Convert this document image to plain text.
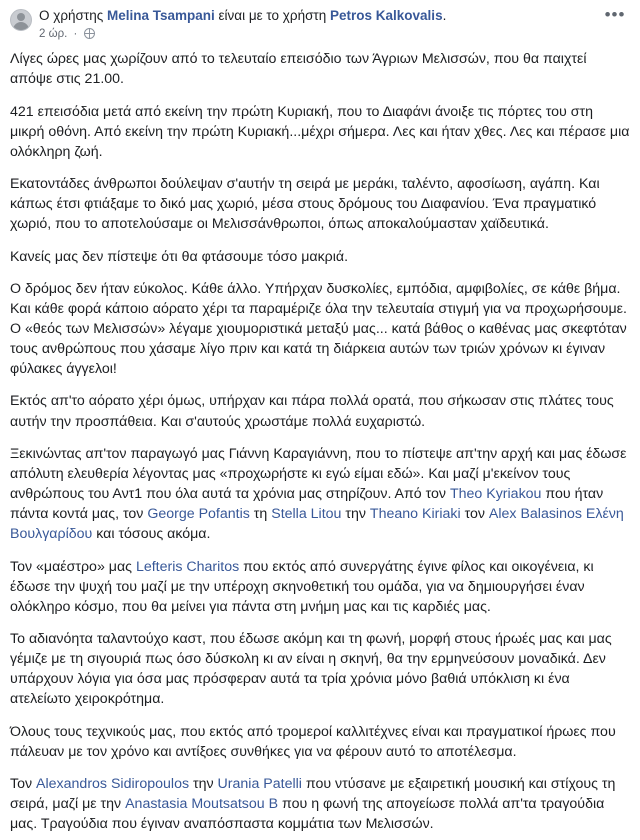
Ο χρήστης Melina Tsampani είναι με το χρήστη Petros Kalkovalis.
2 ώρ. ·
•••

Λίγες ώρες μας χωρίζουν από το τελευταίο επεισόδιο των Άγριων Μελισσών, που θα παιχτεί απόψε στις 21.00.

421 επεισόδια μετά από εκείνη την πρώτη Κυριακή, που το Διαφάνι άνοιξε τις πόρτες του στη μικρή οθόνη. Από εκείνη την πρώτη Κυριακή...μέχρι σήμερα. Λες και ήταν χθες. Λες και πέρασε μια ολόκληρη ζωή.

Εκατοντάδες άνθρωποι δούλεψαν σ'αυτήν τη σειρά με μεράκι, ταλέντο, αφοσίωση, αγάπη. Και κάπως έτσι φτιάξαμε το δικό μας χωριό, μέσα στους δρόμους του Διαφανίου. Ένα πραγματικό χωριό, που το αποτελούσαμε οι Μελισσάνθρωποι, όπως αποκαλούμασταν χαϊδευτικά.

Κανείς μας δεν πίστεψε ότι θα φτάσουμε τόσο μακριά.

Ο δρόμος δεν ήταν εύκολος. Κάθε άλλο. Υπήρχαν δυσκολίες, εμπόδια, αμφιβολίες, σε κάθε βήμα. Και κάθε φορά κάποιο αόρατο χέρι τα παραμέριζε όλα την τελευταία στιγμή για να προχωρήσουμε. Ο «θεός των Μελισσών» λέγαμε χιουμοριστικά μεταξύ μας... κατά βάθος ο καθένας μας σκεφτόταν τους ανθρώπους που χάσαμε λίγο πριν και κατά τη διάρκεια αυτών των τριών χρόνων κι έγιναν φύλακες άγγελοι!

Εκτός απ'το αόρατο χέρι όμως, υπήρχαν και πάρα πολλά ορατά, που σήκωσαν στις πλάτες τους αυτήν την προσπάθεια. Και σ'αυτούς χρωστάμε πολλά ευχαριστώ.

Ξεκινώντας απ'τον παραγωγό μας Γιάννη Καραγιάννη, που το πίστεψε απ'την αρχή και μας έδωσε απόλυτη ελευθερία λέγοντας μας «προχωρήστε κι εγώ είμαι εδώ». Και μαζί μ'εκείνον τους ανθρώπους του Αντ1 που όλα αυτά τα χρόνια μας στηρίζουν. Από τον Theo Kyriakou που ήταν πάντα κοντά μας, τον George Pofantis τη Stella Litou την Theano Kiriaki τον Alex Balasinos Ελένη Βουλγαρίδου και τόσους ακόμα.

Τον «μαέστρο» μας Lefteris Charitos που εκτός από συνεργάτης έγινε φίλος και οικογένεια, κι έδωσε την ψυχή του μαζί με την υπέροχη σκηνοθετική του ομάδα, για να δημιουργήσει έναν ολόκληρο κόσμο, που θα μείνει για πάντα στη μνήμη μας και τις καρδιές μας.

Το αδιανόητα ταλαντούχο καστ, που έδωσε ακόμη και τη φωνή, μορφή στους ήρωές μας και μας γέμιζε με τη σιγουριά πως όσο δύσκολη κι αν είναι η σκηνή, θα την ερμηνεύσουν μοναδικά. Δεν υπάρχουν λόγια για όσα μας πρόσφεραν αυτά τα τρία χρόνια μόνο βαθιά υπόκλιση κι ένα ατελείωτο χειροκρότημα.

Όλους τους τεχνικούς μας, που εκτός από τρομεροί καλλιτέχνες είναι και πραγματικοί ήρωες που πάλευαν με τον χρόνο και αντίξοες συνθήκες για να φέρουν αυτό το αποτέλεσμα.

Τον Alexandros Sidiropoulos την Urania Patelli που ντύσανε με εξαιρετική μουσική και στίχους τη σειρά, μαζί με την Anastasia Moutsatsou B που η φωνή της απογείωσε πολλά απ'τα τραγούδια μας. Τραγούδια που έγιναν αναπόσπαστα κομμάτια των Μελισσών.
